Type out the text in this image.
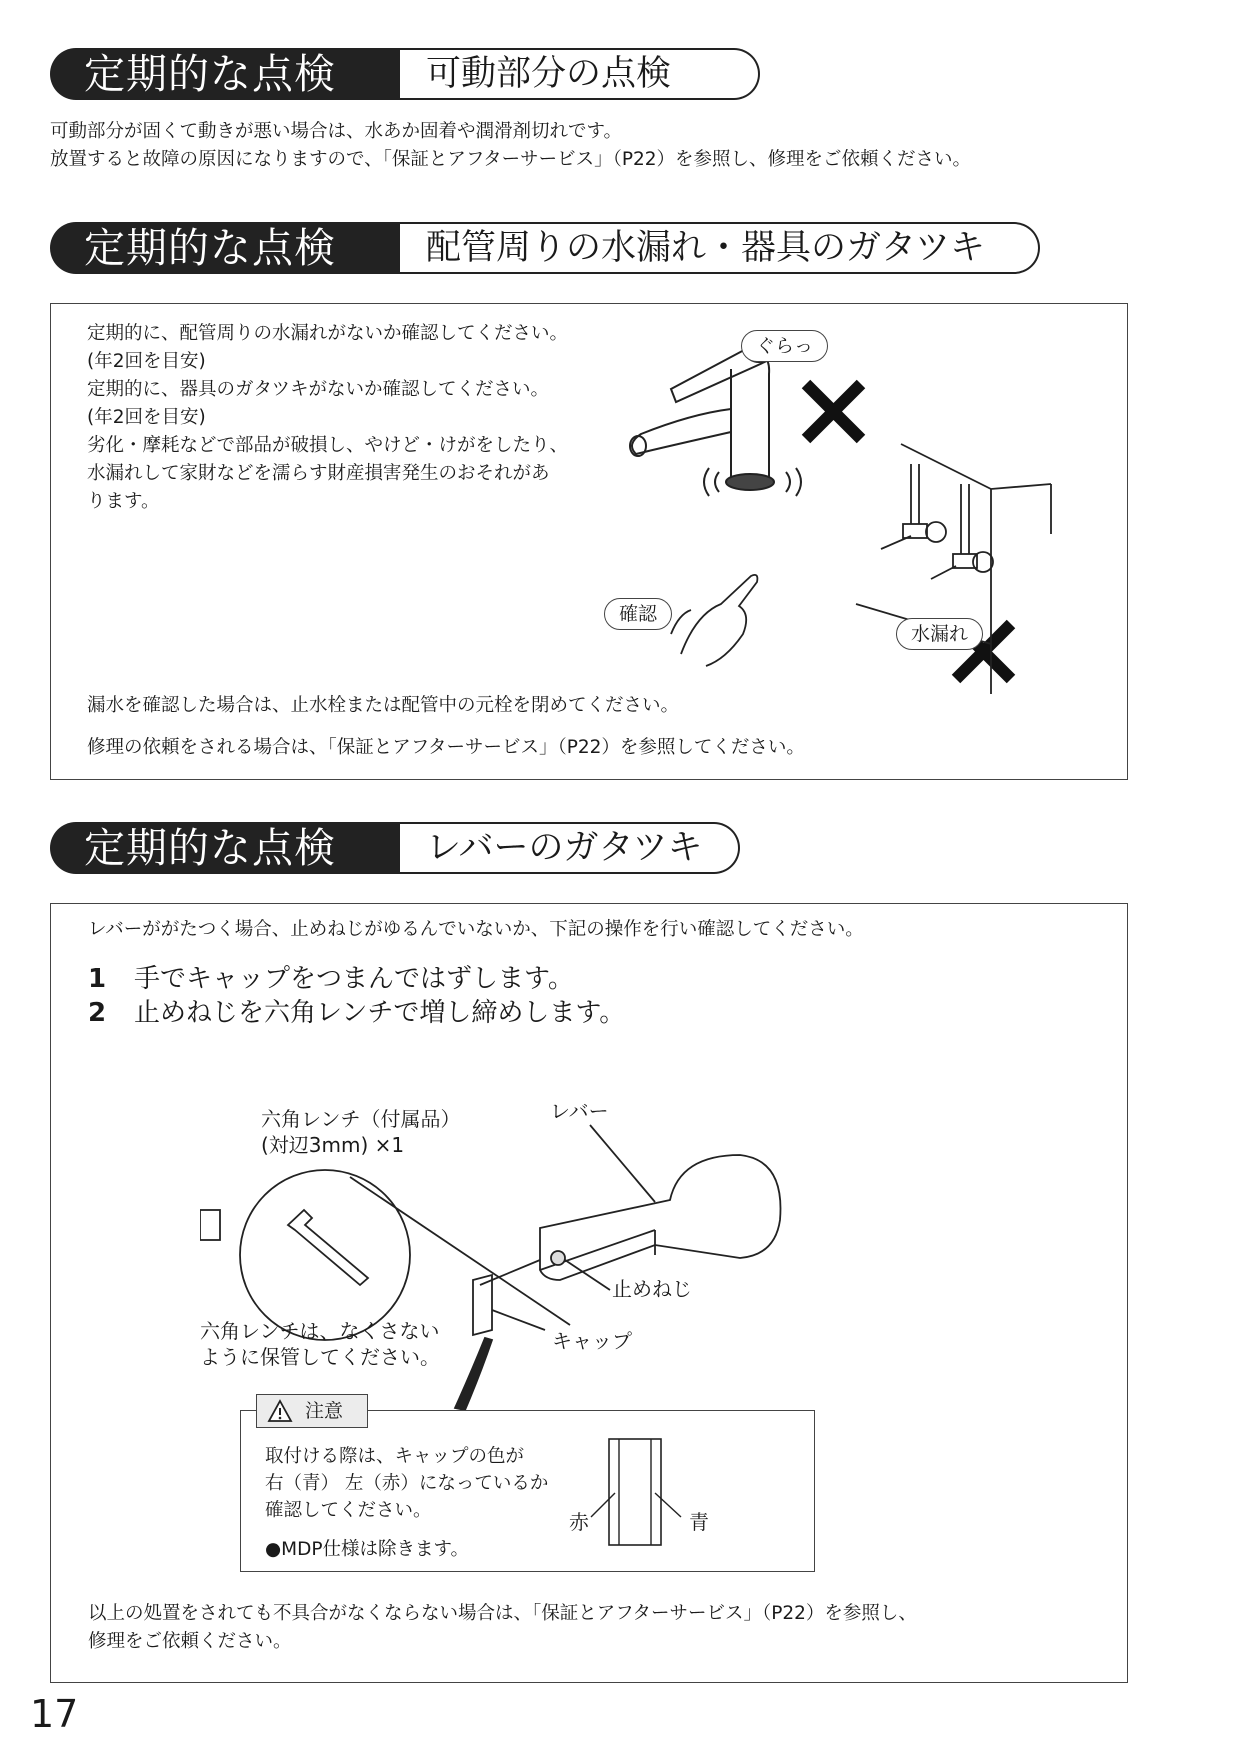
定期的な点検	可動部分の点検
可動部分が固くて動きが悪い場合は、水あか固着や潤滑剤切れです。
放置すると故障の原因になりますので、「保証とアフターサービス」（P22）を参照し、修理をご依頼ください。
定期的な点検	配管周りの水漏れ・器具のガタツキ
定期的に、配管周りの水漏れがないか確認してください。
(年2回を目安)
定期的に、器具のガタツキがないか確認してください。
(年2回を目安)
劣化・摩耗などで部品が破損し、やけど・けがをしたり、
水漏れして家財などを濡らす財産損害発生のおそれがあ
ります。
ぐらっ
確認
水漏れ
漏水を確認した場合は、止水栓または配管中の元栓を閉めてください。
修理の依頼をされる場合は、「保証とアフターサービス」（P22）を参照してください。
定期的な点検	レバーのガタツキ
レバーががたつく場合、止めねじがゆるんでいないか、下記の操作を行い確認してください。
1 手でキャップをつまんではずします。
2 止めねじを六角レンチで増し締めします。
六角レンチ（付属品）
(対辺3mm) ×1
レバー
止めねじ
キャップ
六角レンチは、なくさない
ように保管してください。
注意
取付ける際は、キャップの色が
右（青） 左（赤）になっているか
確認してください。
●MDP仕様は除きます。
赤	青
以上の処置をされても不具合がなくならない場合は、「保証とアフターサービス」（P22）を参照し、
修理をご依頼ください。
17
